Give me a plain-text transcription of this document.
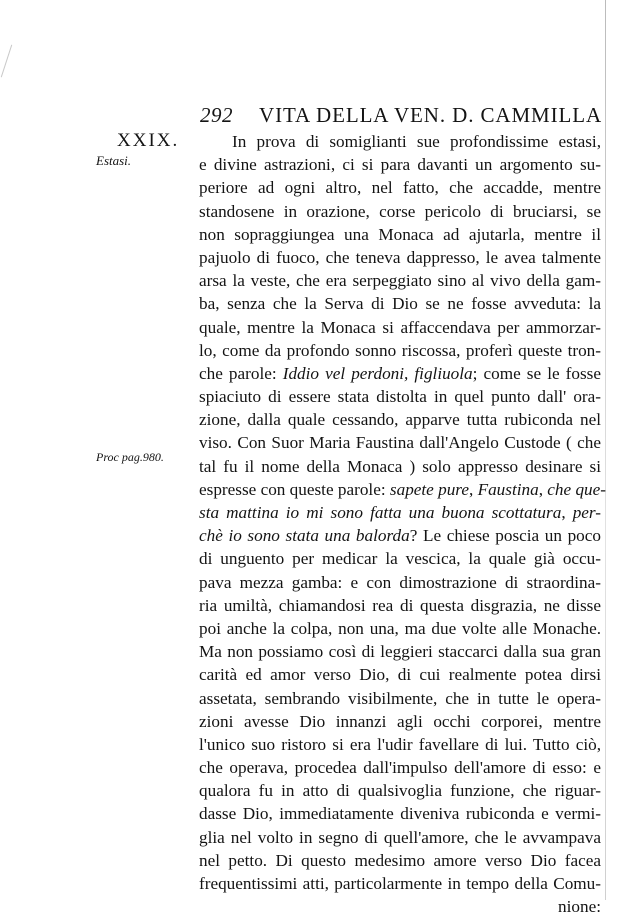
292 VITA DELLA VEN. D. CAMMILLA
XXIX.
Estasi.
Proc pag.980.
In prova di somiglianti sue profondissime estasi,
e divine astrazioni, ci si para davanti un argomento su-
periore ad ogni altro, nel fatto, che accadde, mentre
standosene in orazione, corse pericolo di bruciarsi, se
non sopraggiungea una Monaca ad ajutarla, mentre il
pajuolo di fuoco, che teneva dappresso, le avea talmente
arsa la veste, che era serpeggiato sino al vivo della gam-
ba, senza che la Serva di Dio se ne fosse avveduta: la
quale, mentre la Monaca si affaccendava per ammorzar-
lo, come da profondo sonno riscossa, proferì queste tron-
che parole: Iddio vel perdoni, figliuola; come se le fosse
spiaciuto di essere stata distolta in quel punto dall' ora-
zione, dalla quale cessando, apparve tutta rubiconda nel
viso. Con Suor Maria Faustina dall'Angelo Custode ( che
tal fu il nome della Monaca ) solo appresso desinare si
espresse con queste parole: sapete pure, Faustina, che que-
sta mattina io mi sono fatta una buona scottatura, per-
chè io sono stata una balorda? Le chiese poscia un poco
di unguento per medicar la vescica, la quale già occu-
pava mezza gamba: e con dimostrazione di straordina-
ria umiltà, chiamandosi rea di questa disgrazia, ne disse
poi anche la colpa, non una, ma due volte alle Monache.
Ma non possiamo così di leggieri staccarci dalla sua gran
carità ed amor verso Dio, di cui realmente potea dirsi
assetata, sembrando visibilmente, che in tutte le opera-
zioni avesse Dio innanzi agli occhi corporei, mentre
l'unico suo ristoro si era l'udir favellare di lui. Tutto ciò,
che operava, procedea dall'impulso dell'amore di esso: e
qualora fu in atto di qualsivoglia funzione, che riguar-
dasse Dio, immediatamente diveniva rubiconda e vermi-
glia nel volto in segno di quell'amore, che le avvampava
nel petto. Di questo medesimo amore verso Dio facea
frequentissimi atti, particolarmente in tempo della Comu-
nione:
